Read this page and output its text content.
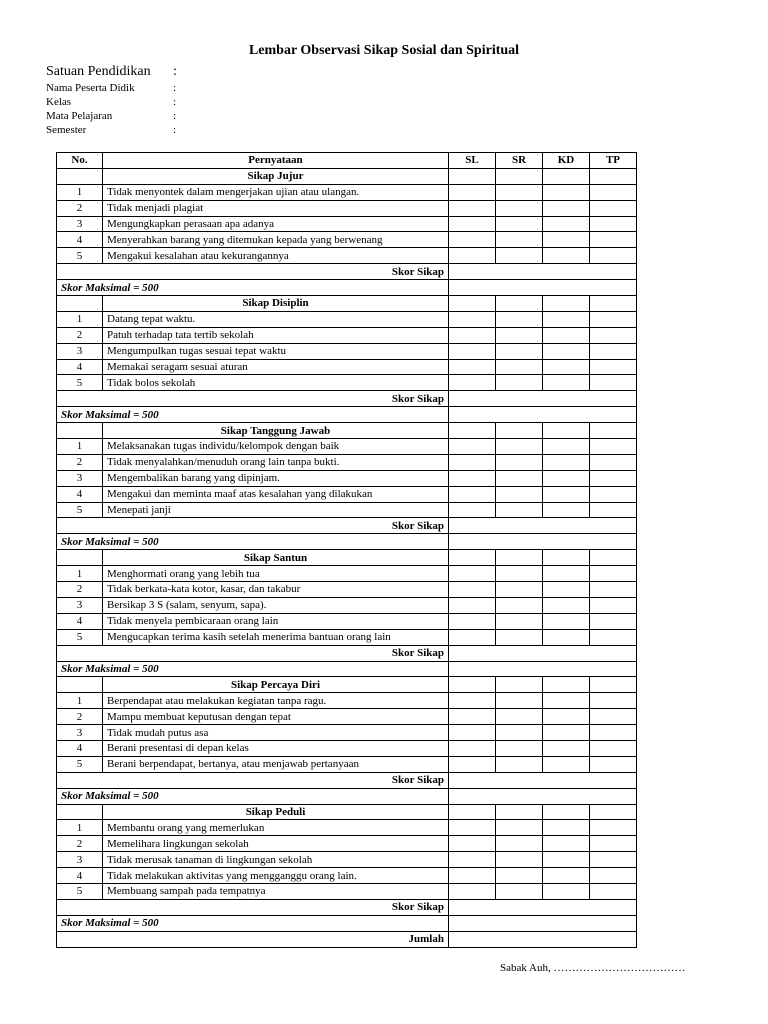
Lembar Observasi Sikap Sosial dan Spiritual
Satuan Pendidikan :
Nama Peserta Didik	:
Kelas	:
Mata Pelajaran	:
Semester	:
No.	Pernyataan	SL	SR	KD	TP
	Sikap Jujur				
1	Tidak menyontek dalam mengerjakan ujian atau ulangan.				
2	Tidak menjadi plagiat				
3	Mengungkapkan perasaan apa adanya				
4	Menyerahkan barang yang ditemukan kepada yang berwenang				
5	Mengakui kesalahan atau kekurangannya				
Skor Sikap					
Skor Maksimal = 500					
	Sikap Disiplin				
1	Datang tepat waktu.				
2	Patuh terhadap tata tertib sekolah				
3	Mengumpulkan tugas sesuai tepat waktu				
4	Memakai seragam sesuai aturan				
5	Tidak bolos sekolah				
Skor Sikap					
Skor Maksimal = 500					
	Sikap Tanggung Jawab				
1	Melaksanakan tugas individu/kelompok dengan baik				
2	Tidak menyalahkan/menuduh orang lain tanpa bukti.				
3	Mengembalikan barang yang dipinjam.				
4	Mengakui dan meminta maaf atas kesalahan yang dilakukan				
5	Menepati janji				
Skor Sikap					
Skor Maksimal = 500					
	Sikap Santun				
1	Menghormati orang yang lebih tua				
2	Tidak berkata-kata kotor, kasar, dan takabur				
3	Bersikap 3 S (salam, senyum, sapa).				
4	Tidak menyela pembicaraan orang lain				
5	Mengucapkan terima kasih setelah menerima bantuan orang lain				
Skor Sikap					
Skor Maksimal = 500					
	Sikap Percaya Diri				
1	Berpendapat atau melakukan kegiatan tanpa ragu.				
2	Mampu membuat keputusan dengan tepat				
3	Tidak mudah putus asa				
4	Berani presentasi di depan kelas				
5	Berani berpendapat, bertanya, atau menjawab pertanyaan				
Skor Sikap					
Skor Maksimal = 500					
	Sikap Peduli				
1	Membantu orang yang memerlukan				
2	Memelihara lingkungan sekolah				
3	Tidak merusak tanaman di lingkungan sekolah				
4	Tidak melakukan aktivitas yang mengganggu orang lain.				
5	Membuang sampah pada tempatnya				
Skor Sikap					
Skor Maksimal = 500					
Jumlah					
Sabak Auh, ………………………………
